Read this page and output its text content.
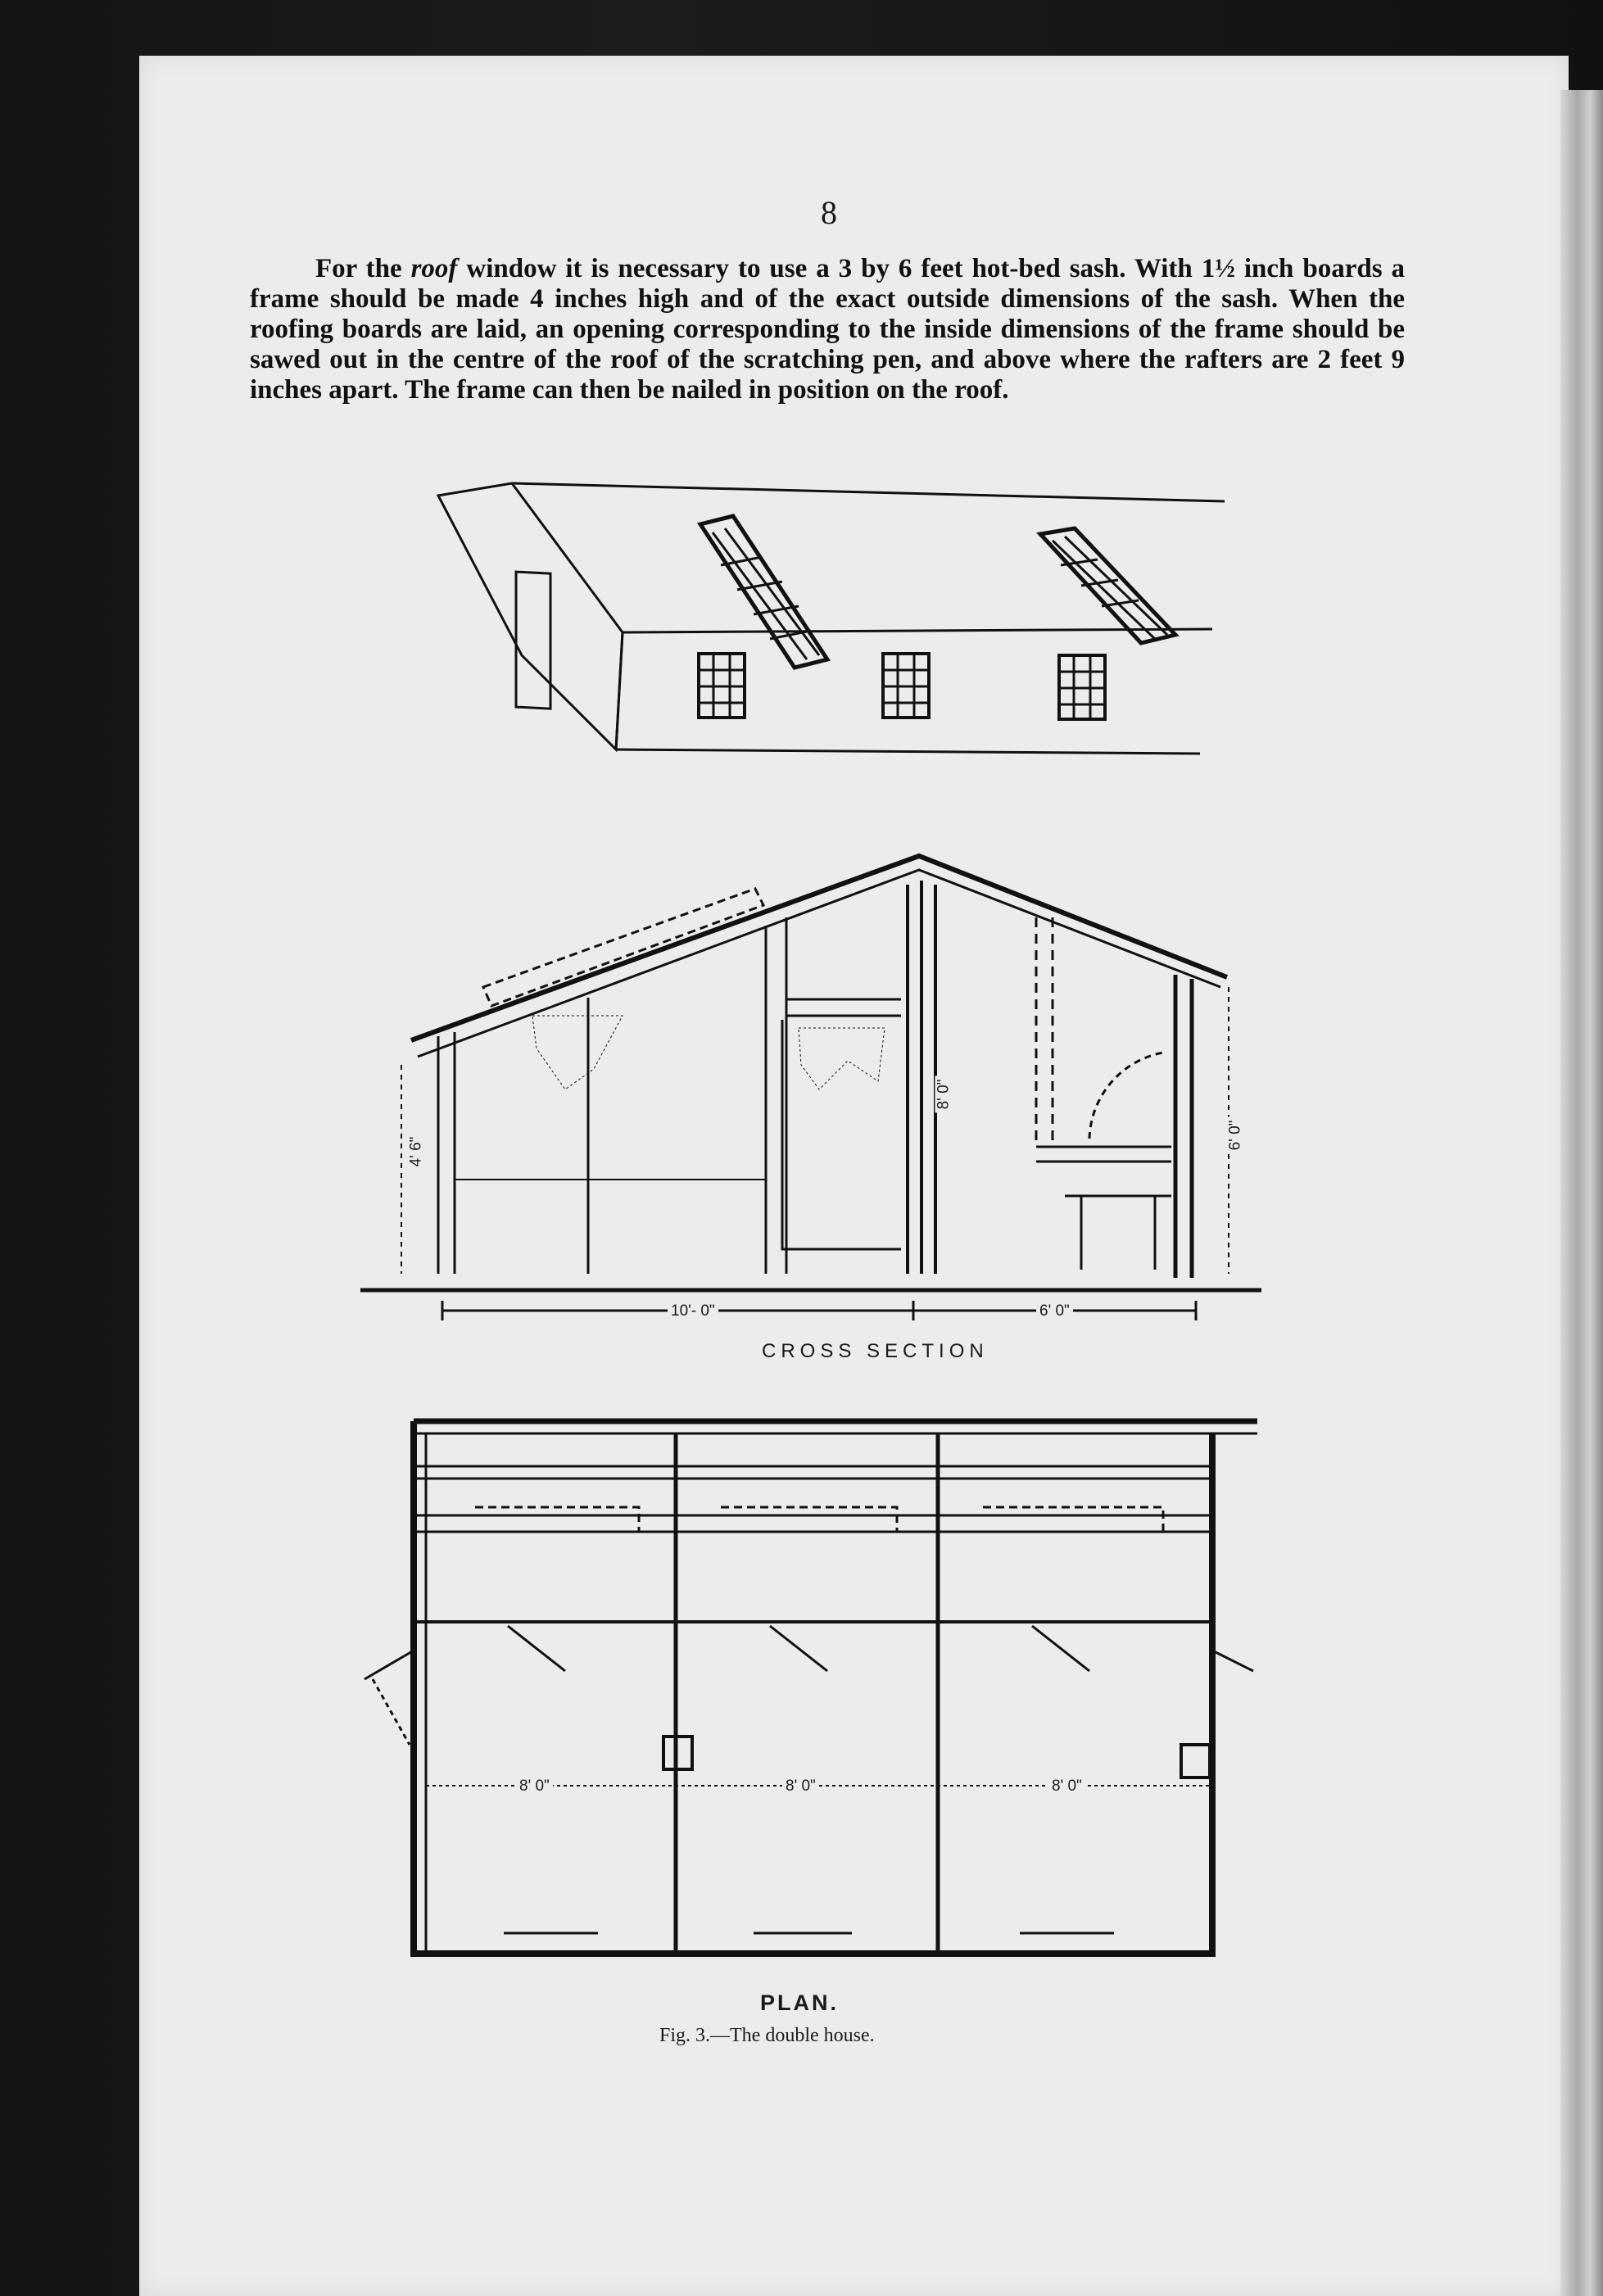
8

For the roof window it is necessary to use a 3 by 6 feet hot-bed sash. With 1½ inch boards a frame should be made 4 inches high and of the exact outside dimensions of the sash. When the roofing boards are laid, an opening corresponding to the inside dimensions of the frame should be sawed out in the centre of the roof of the scratching pen, and above where the rafters are 2 feet 9 inches apart. The frame can then be nailed in position on the roof.

CROSS SECTION
4' 6"
8' 0"
6' 0"
10'- 0"	6' 0"
8' 0"	8' 0"	8' 0"
PLAN.
Fig. 3.—The double house.
